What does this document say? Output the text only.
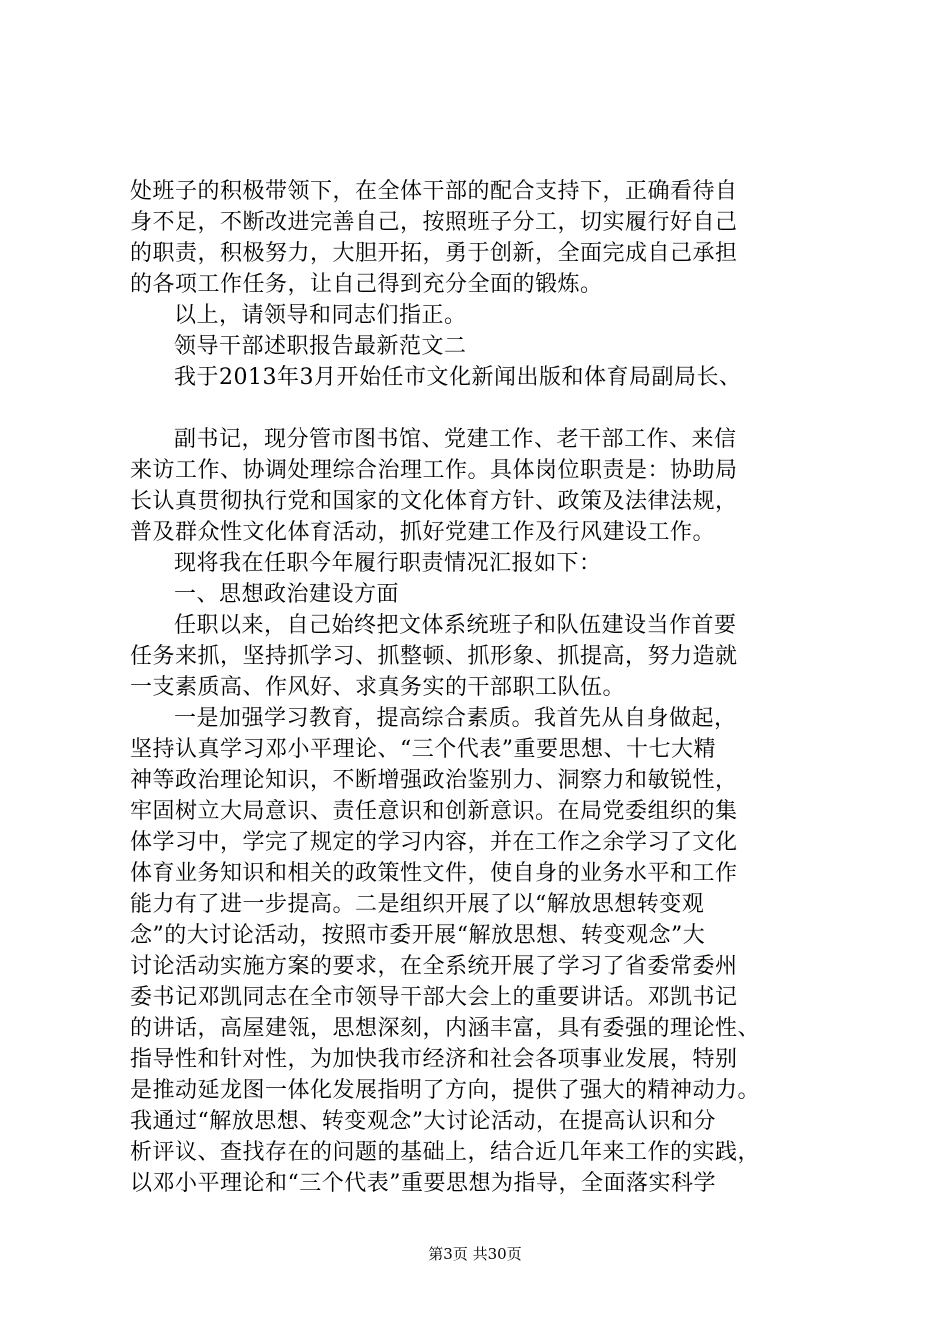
处班子的积极带领下，在全体干部的配合支持下，正确看待自
身不足，不断改进完善自己，按照班子分工，切实履行好自己
的职责，积极努力，大胆开拓，勇于创新，全面完成自己承担
的各项工作任务，让自己得到充分全面的锻炼。
以上，请领导和同志们指正。
领导干部述职报告最新范文二
我于2013年3月开始任市文化新闻出版和体育局副局长、
副书记，现分管市图书馆、党建工作、老干部工作、来信
来访工作、协调处理综合治理工作。具体岗位职责是：协助局
长认真贯彻执行党和国家的文化体育方针、政策及法律法规，
普及群众性文化体育活动，抓好党建工作及行风建设工作。
现将我在任职今年履行职责情况汇报如下：
一、思想政治建设方面
任职以来，自己始终把文体系统班子和队伍建设当作首要
任务来抓，坚持抓学习、抓整顿、抓形象、抓提高，努力造就
一支素质高、作风好、求真务实的干部职工队伍。
一是加强学习教育，提高综合素质。我首先从自身做起，
坚持认真学习邓小平理论、“三个代表”重要思想、十七大精
神等政治理论知识，不断增强政治鉴别力、洞察力和敏锐性，
牢固树立大局意识、责任意识和创新意识。在局党委组织的集
体学习中，学完了规定的学习内容，并在工作之余学习了文化
体育业务知识和相关的政策性文件，使自身的业务水平和工作
能力有了进一步提高。二是组织开展了以“解放思想转变观
念”的大讨论活动，按照市委开展“解放思想、转变观念”大
讨论活动实施方案的要求，在全系统开展了学习了省委常委州
委书记邓凯同志在全市领导干部大会上的重要讲话。邓凯书记
的讲话，高屋建瓴，思想深刻，内涵丰富，具有委强的理论性、
指导性和针对性，为加快我市经济和社会各项事业发展，特别
是推动延龙图一体化发展指明了方向，提供了强大的精神动力。
我通过“解放思想、转变观念”大讨论活动，在提高认识和分
析评议、查找存在的问题的基础上，结合近几年来工作的实践，
以邓小平理论和“三个代表”重要思想为指导，全面落实科学
第3页 共30页
